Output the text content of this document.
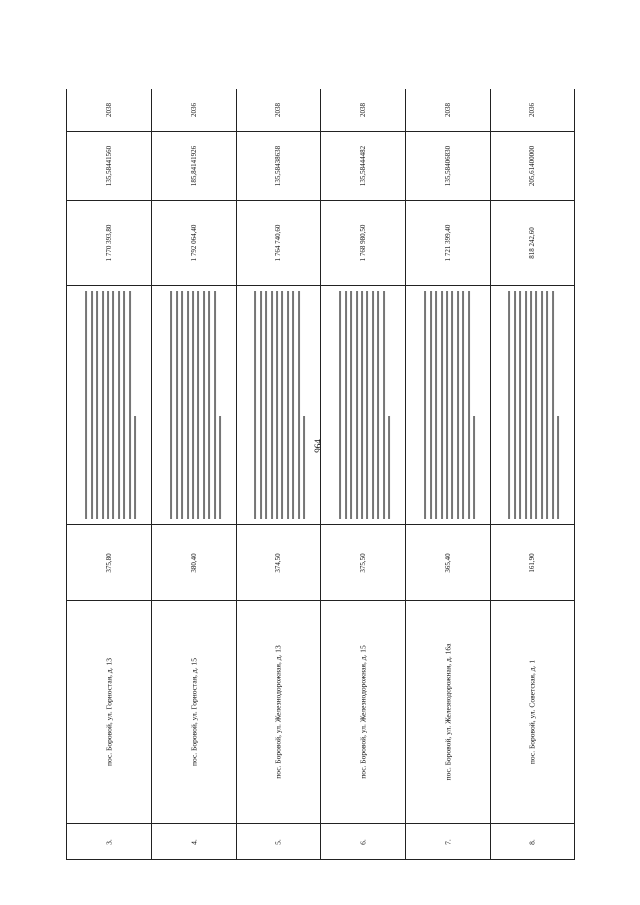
964
2038
135,58441560
1 770 393,80
375,80
пос. Боровой, ул. Горностая, д. 13
3.
2036
185,84141926
1 792 064,40
380,40
пос. Боровой, ул. Горностая, д. 15
4.
2038
135,58438638
1 764 740,60
374,50
пос. Боровой, ул. Железнодорожная, д. 13
5.
2038
135,58444482
1 768 980,50
375,50
пос. Боровой, ул. Железнодорожная, д. 15
6.
2038
135,58406830
1 721 399,40
365,40
пос. Боровой, ул. Железнодорожная, д. 16а
7.
2036
205,61400000
818 242,60
161,90
пос. Боровой, ул. Советская, д. 1
8.
